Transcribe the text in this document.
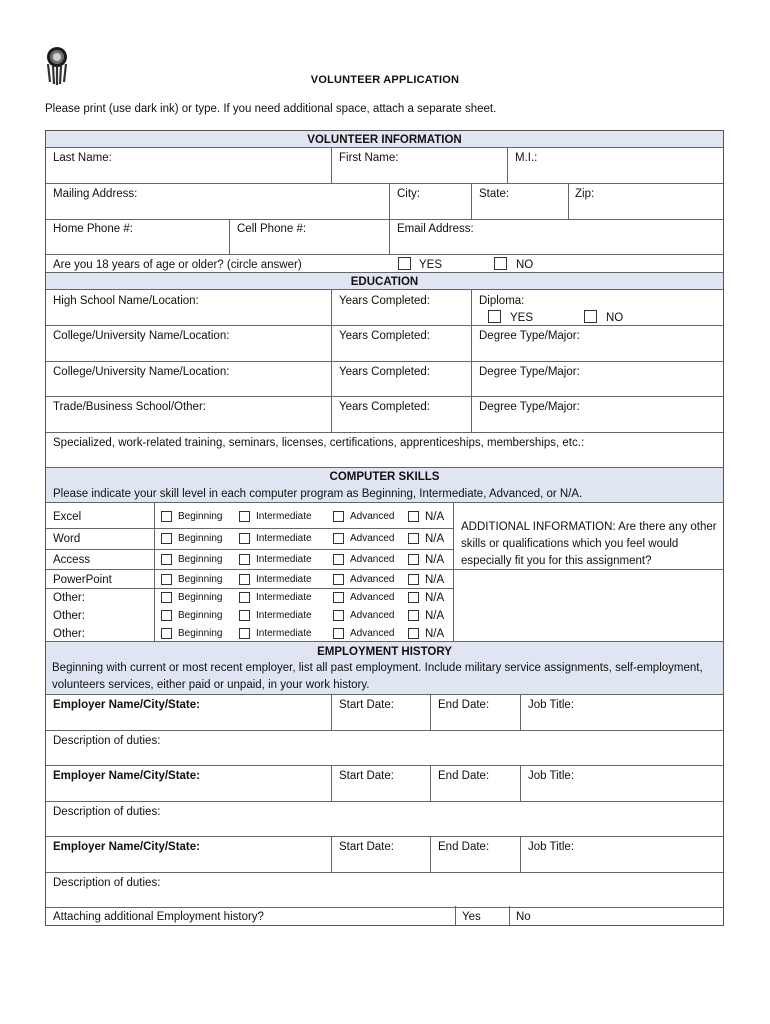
VOLUNTEER APPLICATION
Please print (use dark ink) or type. If you need additional space, attach a separate sheet.
VOLUNTEER INFORMATION
Last Name:	First Name:	M.I.:
Mailing Address:	City:	State:	Zip:
Home Phone #:	Cell Phone #:	Email Address:
Are you 18 years of age or older? (circle answer)	YES	NO
EDUCATION
High School Name/Location:	Years Completed:	Diploma:
YES	NO
College/University Name/Location:	Years Completed:	Degree Type/Major:
College/University Name/Location:	Years Completed:	Degree Type/Major:
Trade/Business School/Other:	Years Completed:	Degree Type/Major:
Specialized, work-related training, seminars, licenses, certifications, apprenticeships, memberships, etc.:
COMPUTER SKILLS
Please indicate your skill level in each computer program as Beginning, Intermediate, Advanced, or N/A.
Excel	Beginning	Intermediate	Advanced	N/A
Word	Beginning	Intermediate	Advanced	N/A
Access	Beginning	Intermediate	Advanced	N/A
PowerPoint	Beginning	Intermediate	Advanced	N/A
Other:	Beginning	Intermediate	Advanced	N/A
Other:	Beginning	Intermediate	Advanced	N/A
Other:	Beginning	Intermediate	Advanced	N/A
ADDITIONAL INFORMATION: Are there any other skills or qualifications which you feel would especially fit you for this assignment?
EMPLOYMENT HISTORY
Beginning with current or most recent employer, list all past employment. Include military service assignments, self-employment, volunteers services, either paid or unpaid, in your work history.
Employer Name/City/State:	Start Date:	End Date:	Job Title:
Description of duties:
Employer Name/City/State:	Start Date:	End Date:	Job Title:
Description of duties:
Employer Name/City/State:	Start Date:	End Date:	Job Title:
Description of duties:
Attaching additional Employment history?	Yes	No
